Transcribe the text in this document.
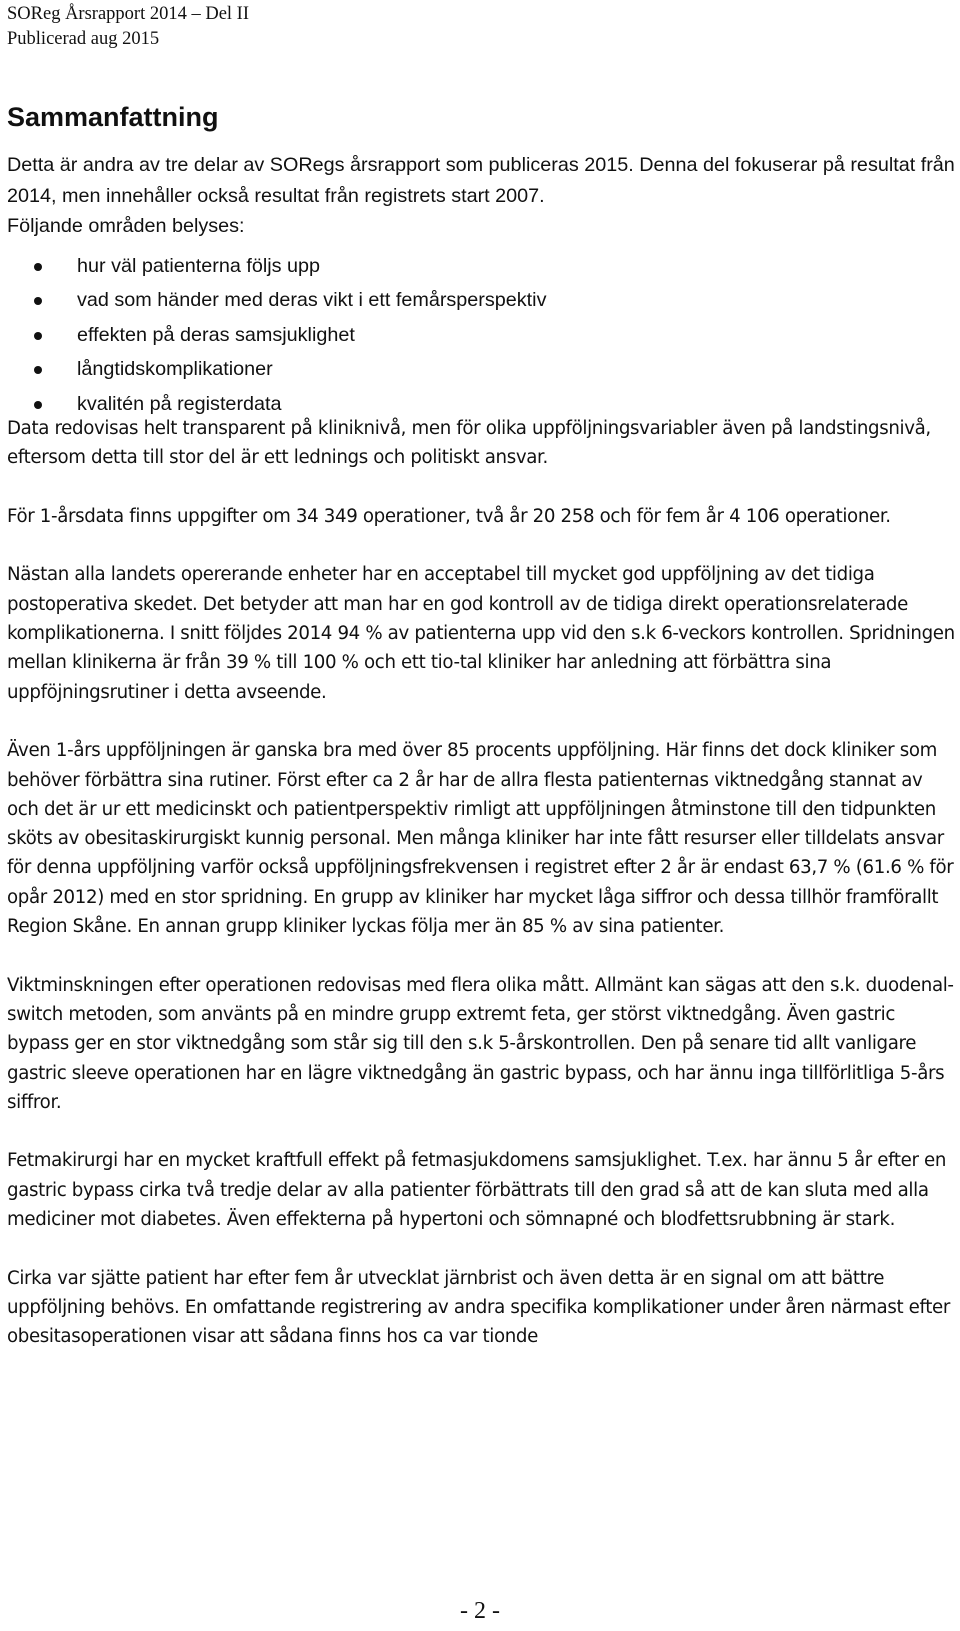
SOReg Årsrapport 2014 – Del II
Publicerad aug 2015
Sammanfattning

Detta är andra av tre delar av SORegs årsrapport som publiceras 2015. Denna del fokuserar på resultat från 2014, men innehåller också resultat från registrets start 2007.

Följande områden belyses:

hur väl patienterna följs upp
vad som händer med deras vikt i ett femårsperspektiv
effekten på deras samsjuklighet
långtidskomplikationer
kvalitén på registerdata

Data redovisas helt transparent på kliniknivå, men för olika uppföljningsvariabler även på landstingsnivå, eftersom detta till stor del är ett lednings och politiskt ansvar.

För 1-årsdata finns uppgifter om 34 349 operationer, två år 20 258 och för fem år 4 106 operationer.

Nästan alla landets opererande enheter har en acceptabel till mycket god uppföljning av det tidiga postoperativa skedet. Det betyder att man har en god kontroll av de tidiga direkt operationsrelaterade komplikationerna. I snitt följdes 2014 94 % av patienterna upp vid den s.k 6-veckors kontrollen. Spridningen mellan klinikerna är från 39 % till 100 % och ett tio-tal kliniker har anledning att förbättra sina uppföjningsrutiner i detta avseende.

Även 1-års uppföljningen är ganska bra med över 85 procents uppföljning. Här finns det dock kliniker som behöver förbättra sina rutiner. Först efter ca 2 år har de allra flesta patienternas viktnedgång stannat av och det är ur ett medicinskt och patientperspektiv rimligt att uppföljningen åtminstone till den tidpunkten sköts av obesitaskirurgiskt kunnig personal. Men många kliniker har inte fått resurser eller tilldelats ansvar för denna uppföljning varför också uppföljningsfrekvensen i registret efter 2 år är endast 63,7 % (61.6 % för opår 2012) med en stor spridning. En grupp av kliniker har mycket låga siffror och dessa tillhör framförallt Region Skåne. En annan grupp kliniker lyckas följa mer än 85 % av sina patienter.

Viktminskningen efter operationen redovisas med flera olika mått. Allmänt kan sägas att den s.k. duodenal-switch metoden, som använts på en mindre grupp extremt feta, ger störst viktnedgång. Även gastric bypass ger en stor viktnedgång som står sig till den s.k 5-årskontrollen. Den på senare tid allt vanligare gastric sleeve operationen har en lägre viktnedgång än gastric bypass, och har ännu inga tillförlitliga 5-års siffror.

Fetmakirurgi har en mycket kraftfull effekt på fetmasjukdomens samsjuklighet. T.ex. har ännu 5 år efter en gastric bypass cirka två tredje delar av alla patienter förbättrats till den grad så att de kan sluta med alla mediciner mot diabetes. Även effekterna på hypertoni och sömnapné och blodfettsrubbning är stark.

Cirka var sjätte patient har efter fem år utvecklat järnbrist och även detta är en signal om att bättre uppföljning behövs. En omfattande registrering av andra specifika komplikationer under åren närmast efter obesitasoperationen visar att sådana finns hos ca var tionde

- 2 -
